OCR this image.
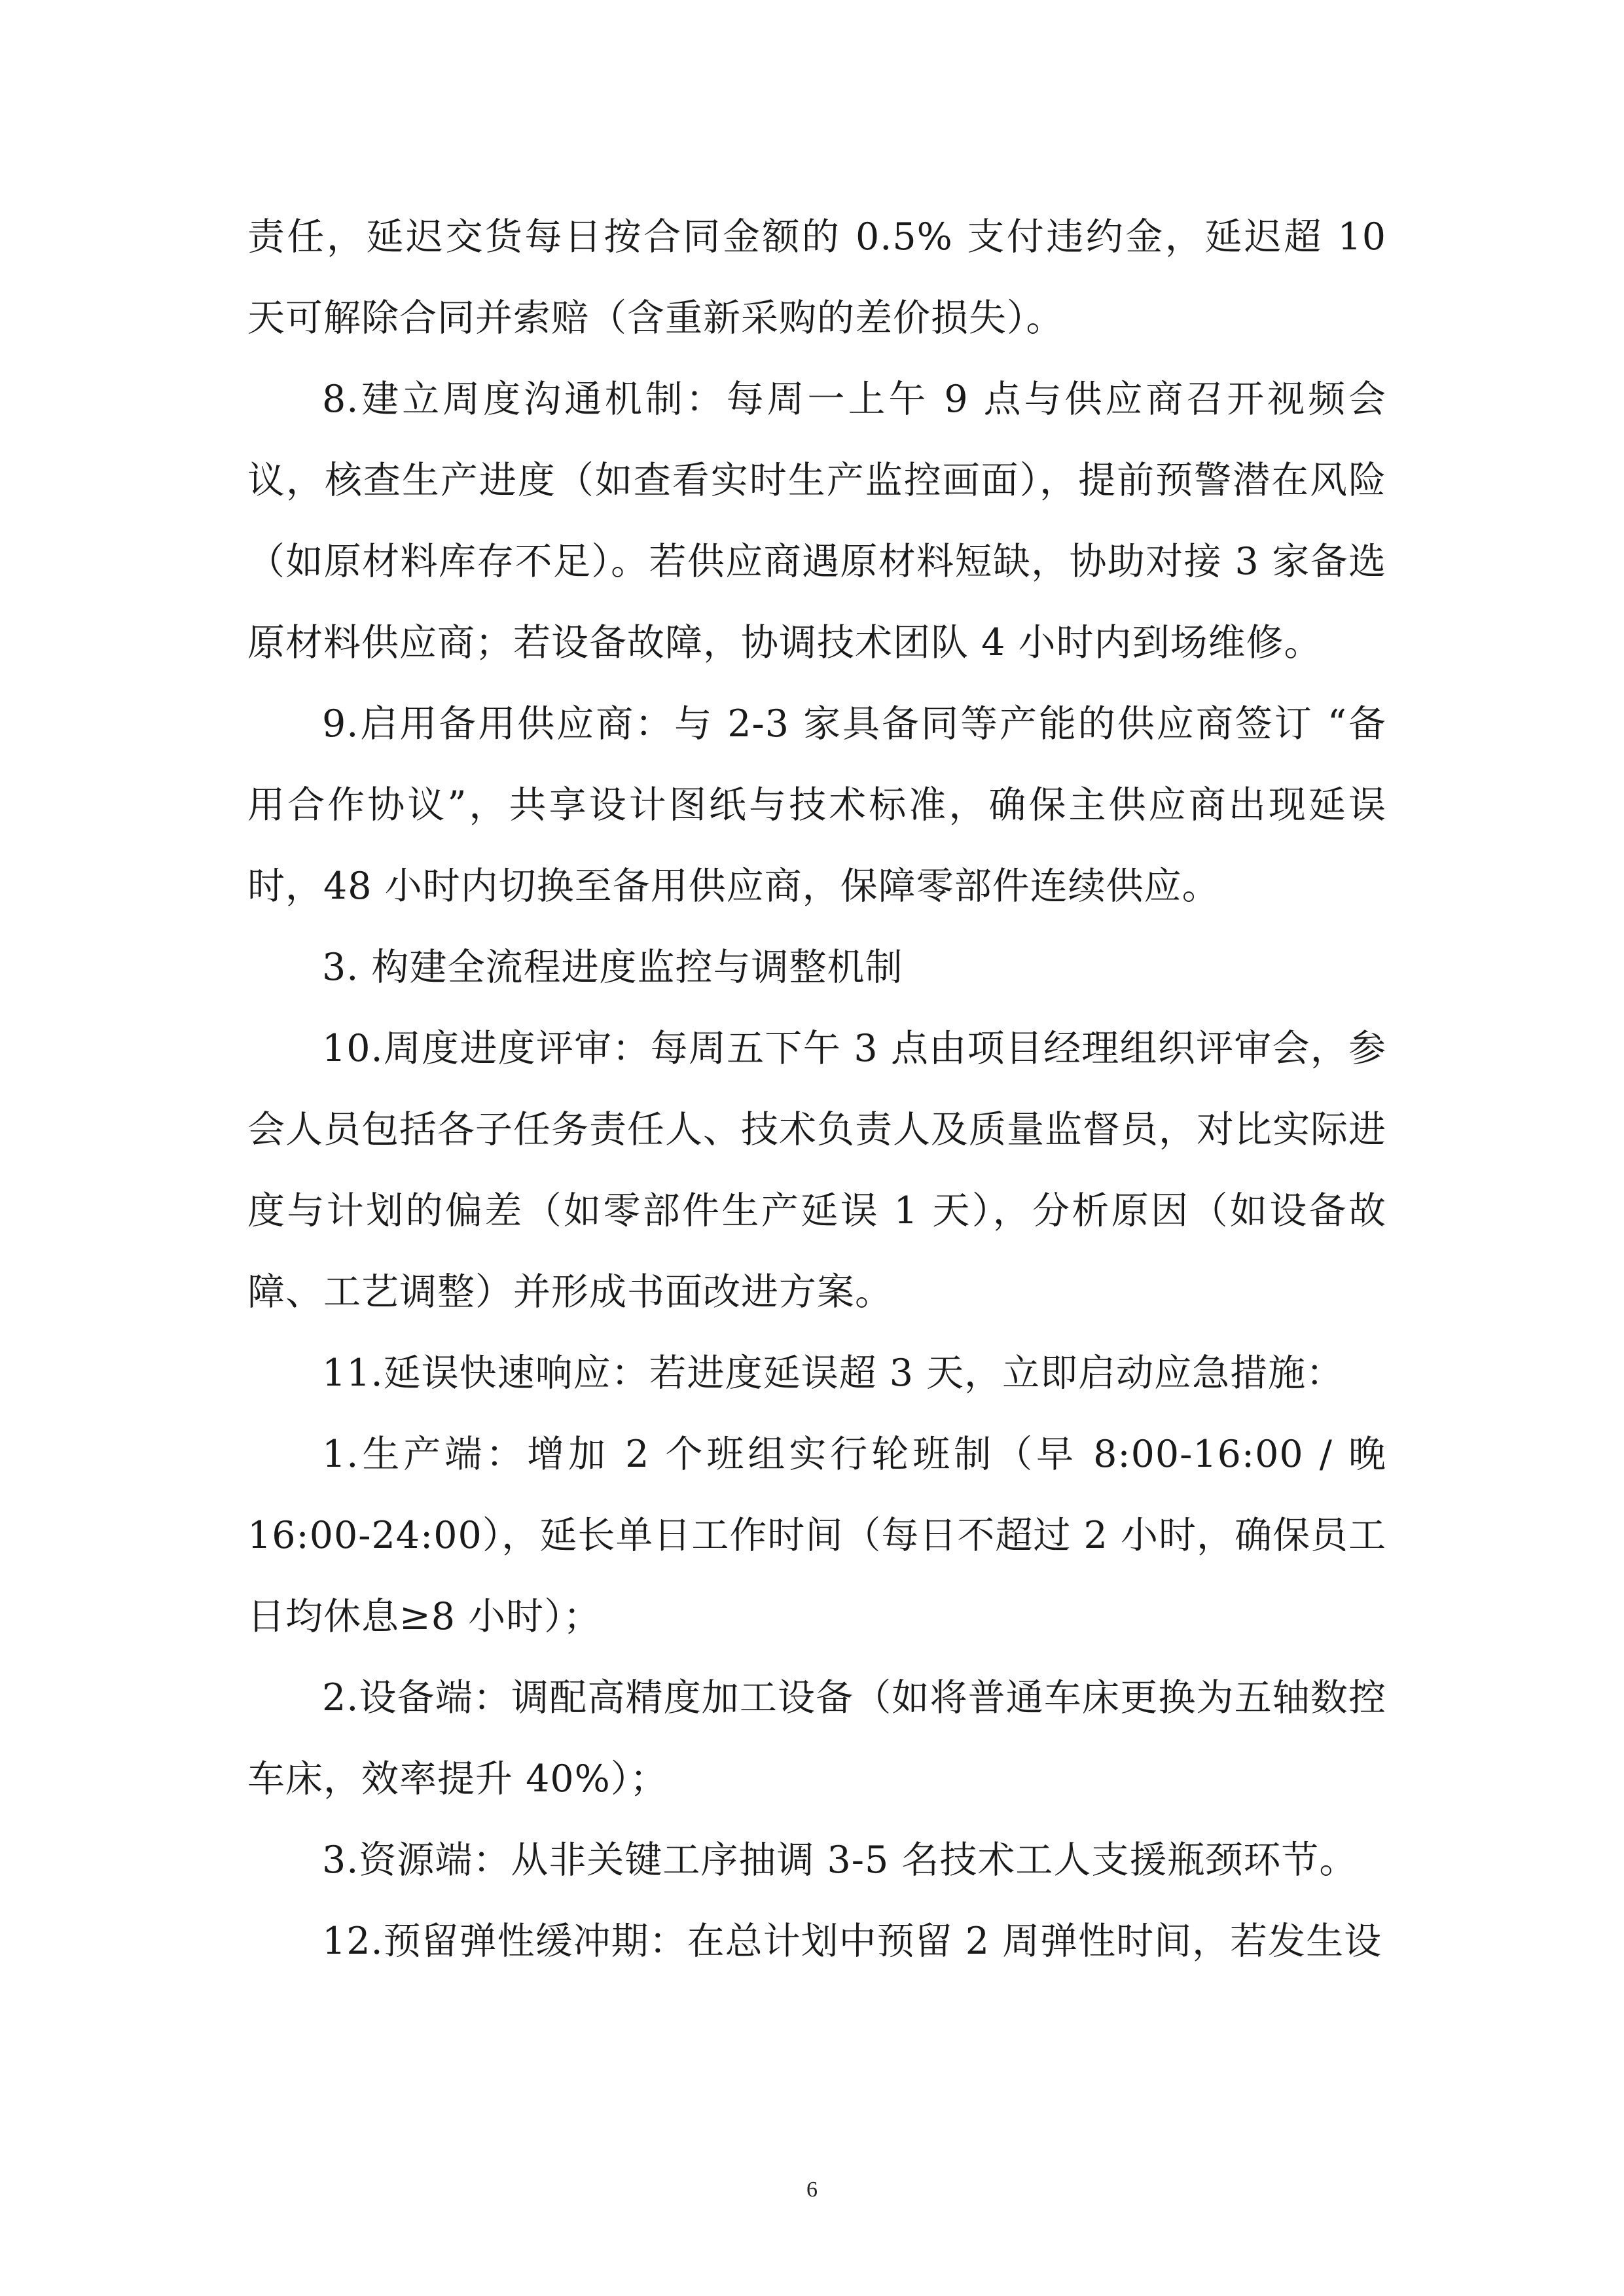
责任，延迟交货每日按合同金额的 0.5% 支付违约金，延迟超 10 天可解除合同并索赔（含重新采购的差价损失）。

8.建立周度沟通机制：每周一上午 9 点与供应商召开视频会议，核查生产进度（如查看实时生产监控画面），提前预警潜在风险（如原材料库存不足）。若供应商遇原材料短缺，协助对接 3 家备选原材料供应商；若设备故障，协调技术团队 4 小时内到场维修。

9.启用备用供应商：与 2-3 家具备同等产能的供应商签订 “备用合作协议”，共享设计图纸与技术标准，确保主供应商出现延误时，48 小时内切换至备用供应商，保障零部件连续供应。

3. 构建全流程进度监控与调整机制

10.周度进度评审：每周五下午 3 点由项目经理组织评审会，参会人员包括各子任务责任人、技术负责人及质量监督员，对比实际进度与计划的偏差（如零部件生产延误 1 天），分析原因（如设备故障、工艺调整）并形成书面改进方案。

11.延误快速响应：若进度延误超 3 天，立即启动应急措施：

1.生产端：增加 2 个班组实行轮班制（早 8:00-16:00 / 晚 16:00-24:00），延长单日工作时间（每日不超过 2 小时，确保员工日均休息≥8 小时）；

2.设备端：调配高精度加工设备（如将普通车床更换为五轴数控车床，效率提升 40%）；

3.资源端：从非关键工序抽调 3-5 名技术工人支援瓶颈环节。

12.预留弹性缓冲期：在总计划中预留 2 周弹性时间，若发生设

6
